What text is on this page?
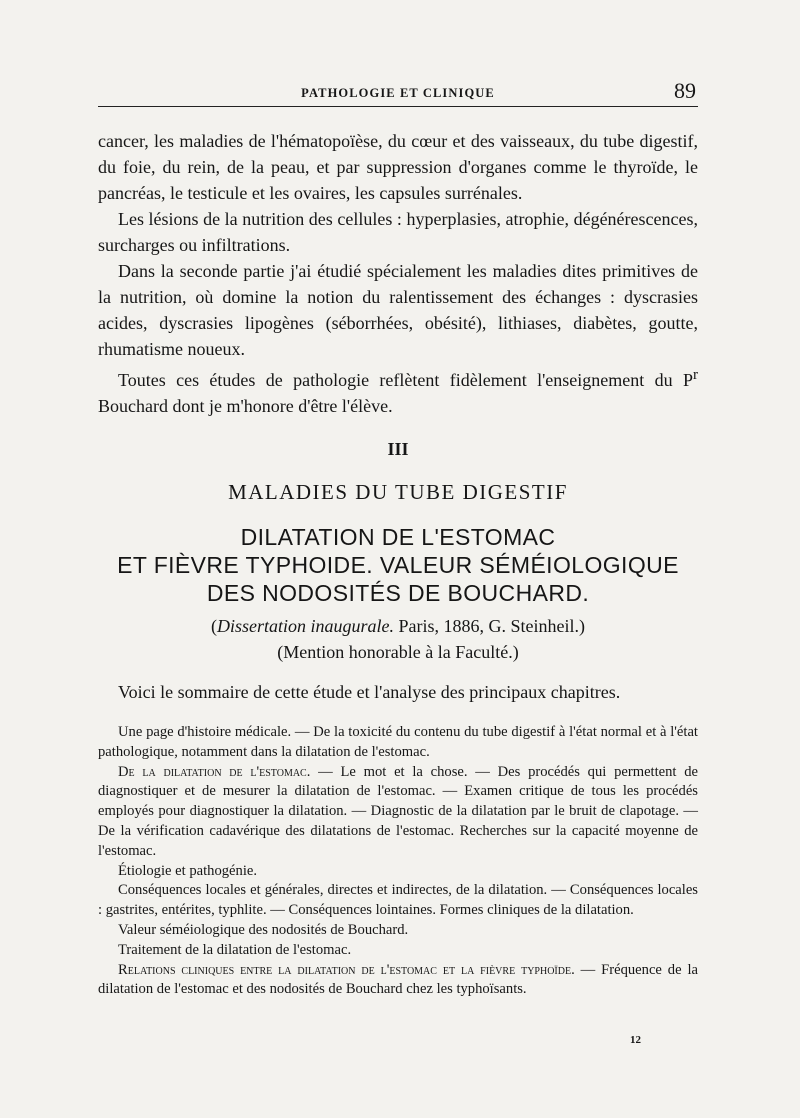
PATHOLOGIE ET CLINIQUE	89

cancer, les maladies de l'hématopoïèse, du cœur et des vaisseaux, du tube digestif, du foie, du rein, de la peau, et par suppression d'organes comme le thyroïde, le pancréas, le testicule et les ovaires, les capsules surrénales.

Les lésions de la nutrition des cellules : hyperplasies, atrophie, dégénérescences, surcharges ou infiltrations.

Dans la seconde partie j'ai étudié spécialement les maladies dites primitives de la nutrition, où domine la notion du ralentissement des échanges : dyscrasies acides, dyscrasies lipogènes (séborrhées, obésité), lithiases, diabètes, goutte, rhumatisme noueux.

Toutes ces études de pathologie reflètent fidèlement l'enseignement du $P^r$ Bouchard dont je m'honore d'être l'élève.

III
MALADIES DU TUBE DIGESTIF
DILATATION DE L'ESTOMAC
ET FIÈVRE TYPHOIDE. VALEUR SÉMÉIOLOGIQUE
DES NODOSITÉS DE BOUCHARD.
(Dissertation inaugurale. Paris, 1886, G. Steinheil.)
(Mention honorable à la Faculté.)

Voici le sommaire de cette étude et l'analyse des principaux chapitres.

Une page d'histoire médicale. — De la toxicité du contenu du tube digestif à l'état normal et à l'état pathologique, notamment dans la dilatation de l'estomac.

De la dilatation de l'estomac. — Le mot et la chose. — Des procédés qui permettent de diagnostiquer et de mesurer la dilatation de l'estomac. — Examen critique de tous les procédés employés pour diagnostiquer la dilatation. — Diagnostic de la dilatation par le bruit de clapotage. — De la vérification cadavérique des dilatations de l'estomac. Recherches sur la capacité moyenne de l'estomac.

Étiologie et pathogénie.

Conséquences locales et générales, directes et indirectes, de la dilatation. — Conséquences locales : gastrites, entérites, typhlite. — Conséquences lointaines. Formes cliniques de la dilatation.

Valeur séméiologique des nodosités de Bouchard.

Traitement de la dilatation de l'estomac.

Relations cliniques entre la dilatation de l'estomac et la fièvre typhoïde. — Fréquence de la dilatation de l'estomac et des nodosités de Bouchard chez les typhoïsants.

12
